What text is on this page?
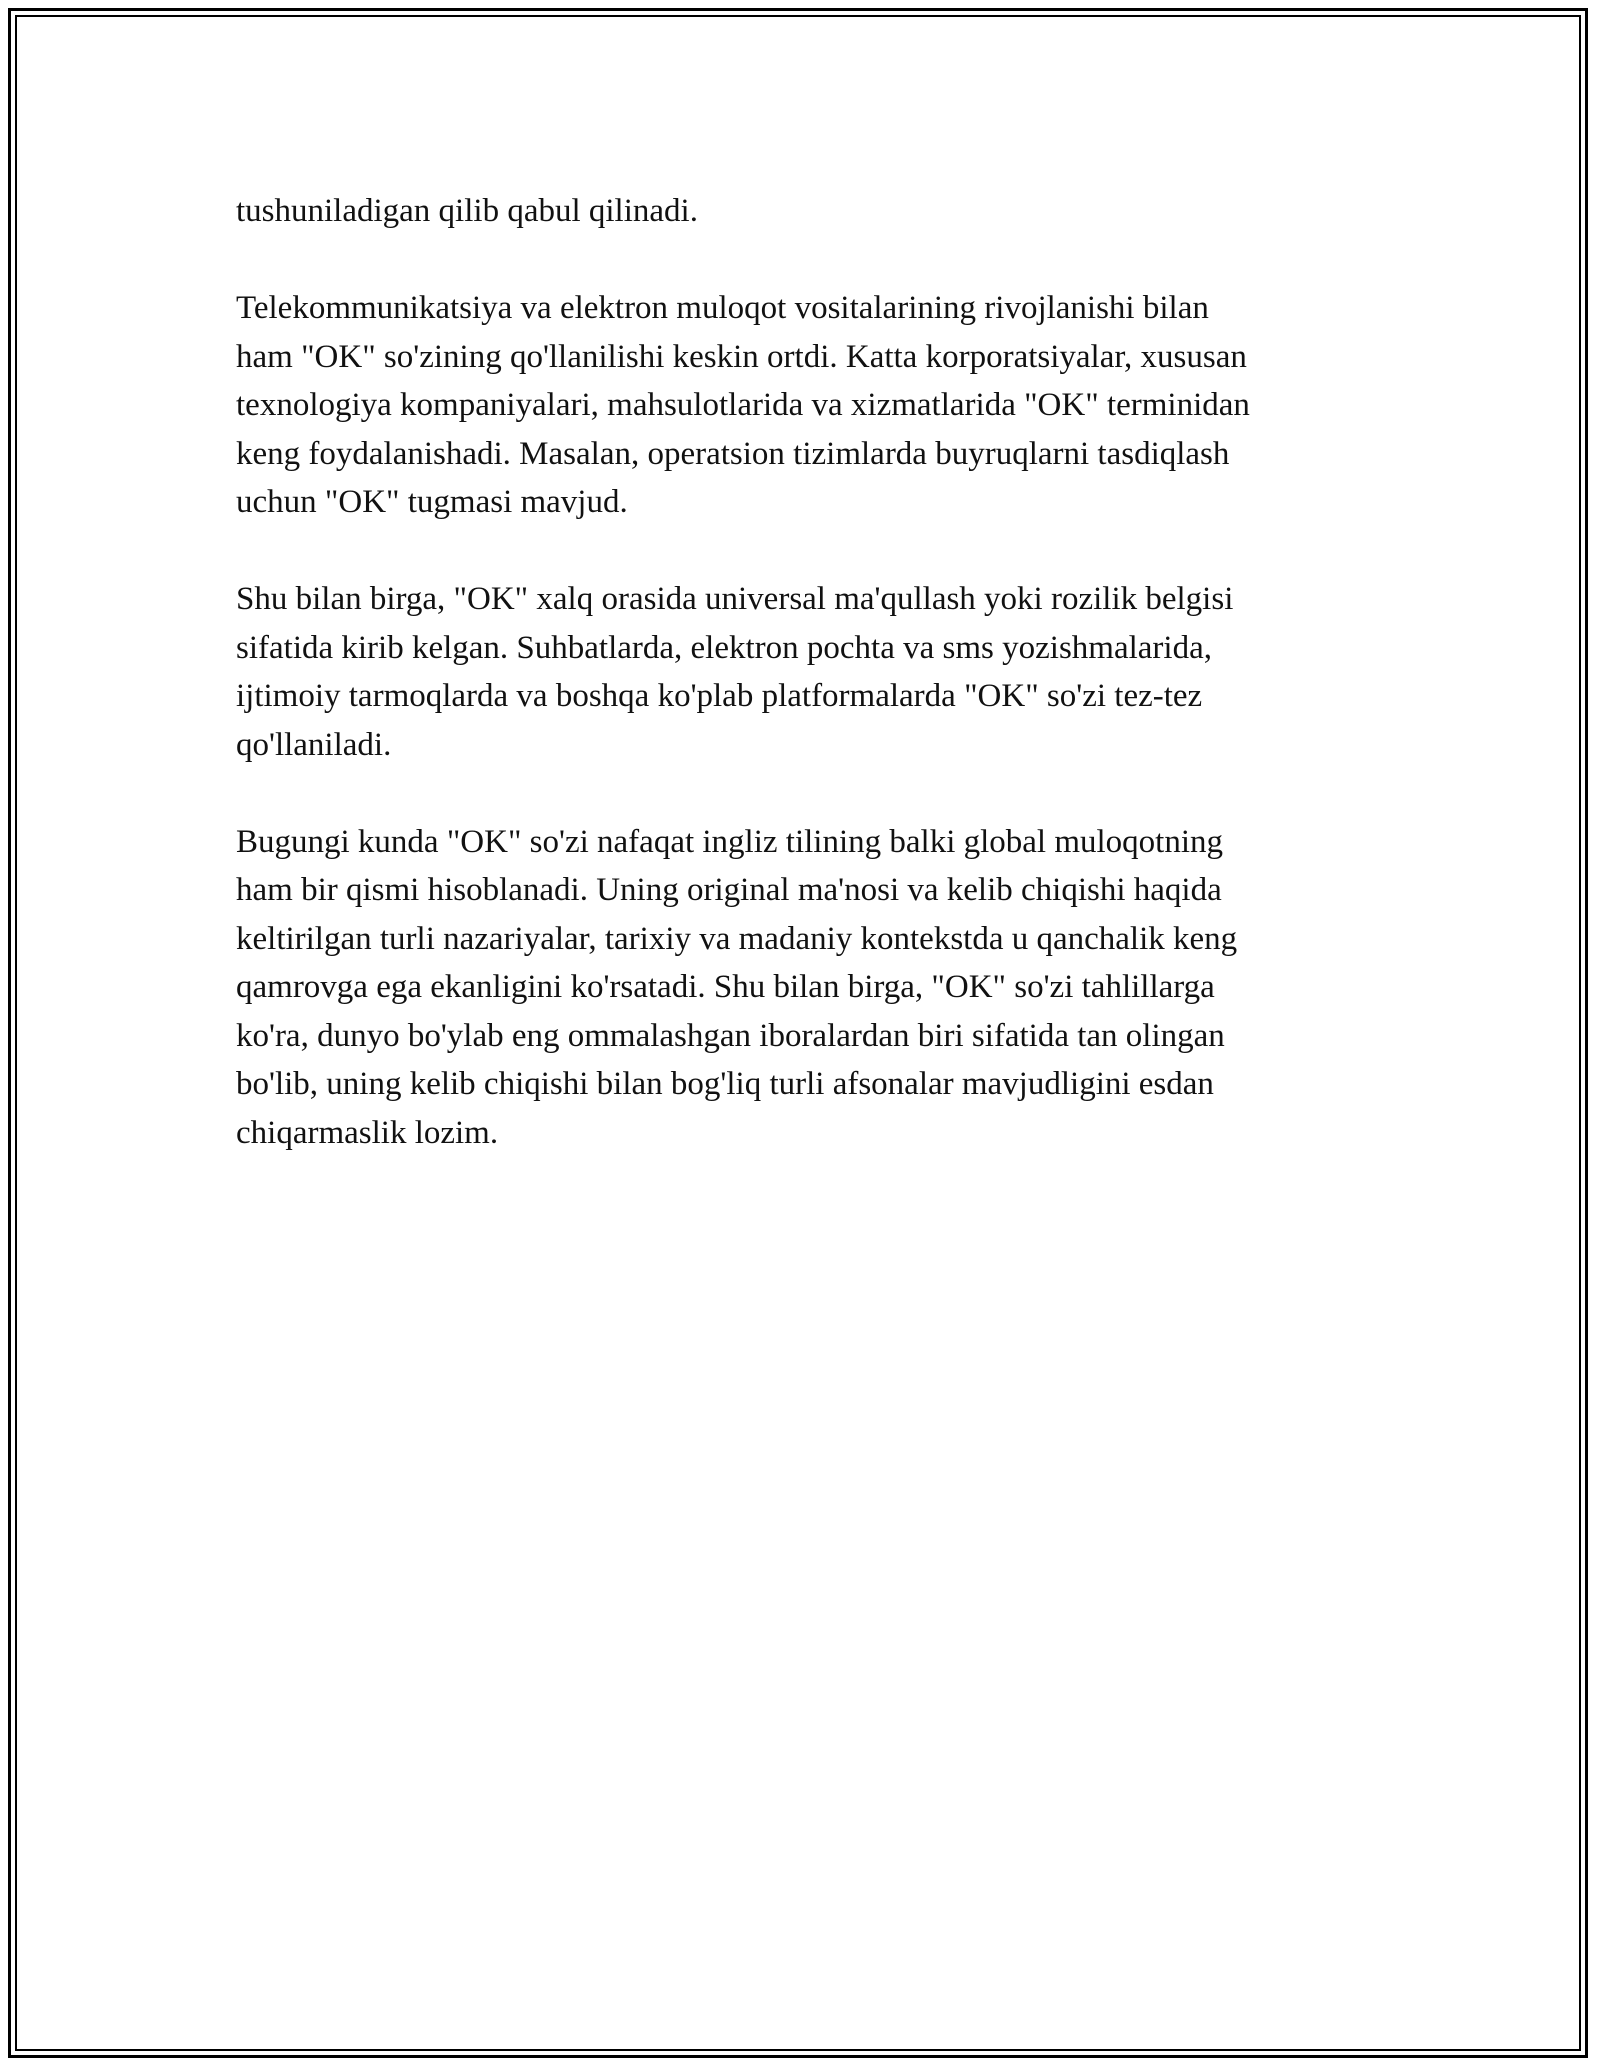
tushuniladigan qilib qabul qilinadi.

Telekommunikatsiya va elektron muloqot vositalarining rivojlanishi bilan
ham "OK" so'zining qo'llanilishi keskin ortdi. Katta korporatsiyalar, xususan
texnologiya kompaniyalari, mahsulotlarida va xizmatlarida "OK" terminidan
keng foydalanishadi. Masalan, operatsion tizimlarda buyruqlarni tasdiqlash
uchun "OK" tugmasi mavjud.

Shu bilan birga, "OK" xalq orasida universal ma'qullash yoki rozilik belgisi
sifatida kirib kelgan. Suhbatlarda, elektron pochta va sms yozishmalarida,
ijtimoiy tarmoqlarda va boshqa ko'plab platformalarda "OK" so'zi tez-tez
qo'llaniladi.

Bugungi kunda "OK" so'zi nafaqat ingliz tilining balki global muloqotning
ham bir qismi hisoblanadi. Uning original ma'nosi va kelib chiqishi haqida
keltirilgan turli nazariyalar, tarixiy va madaniy kontekstda u qanchalik keng
qamrovga ega ekanligini ko'rsatadi. Shu bilan birga, "OK" so'zi tahlillarga
ko'ra, dunyo bo'ylab eng ommalashgan iboralardan biri sifatida tan olingan
bo'lib, uning kelib chiqishi bilan bog'liq turli afsonalar mavjudligini esdan
chiqarmaslik lozim.
